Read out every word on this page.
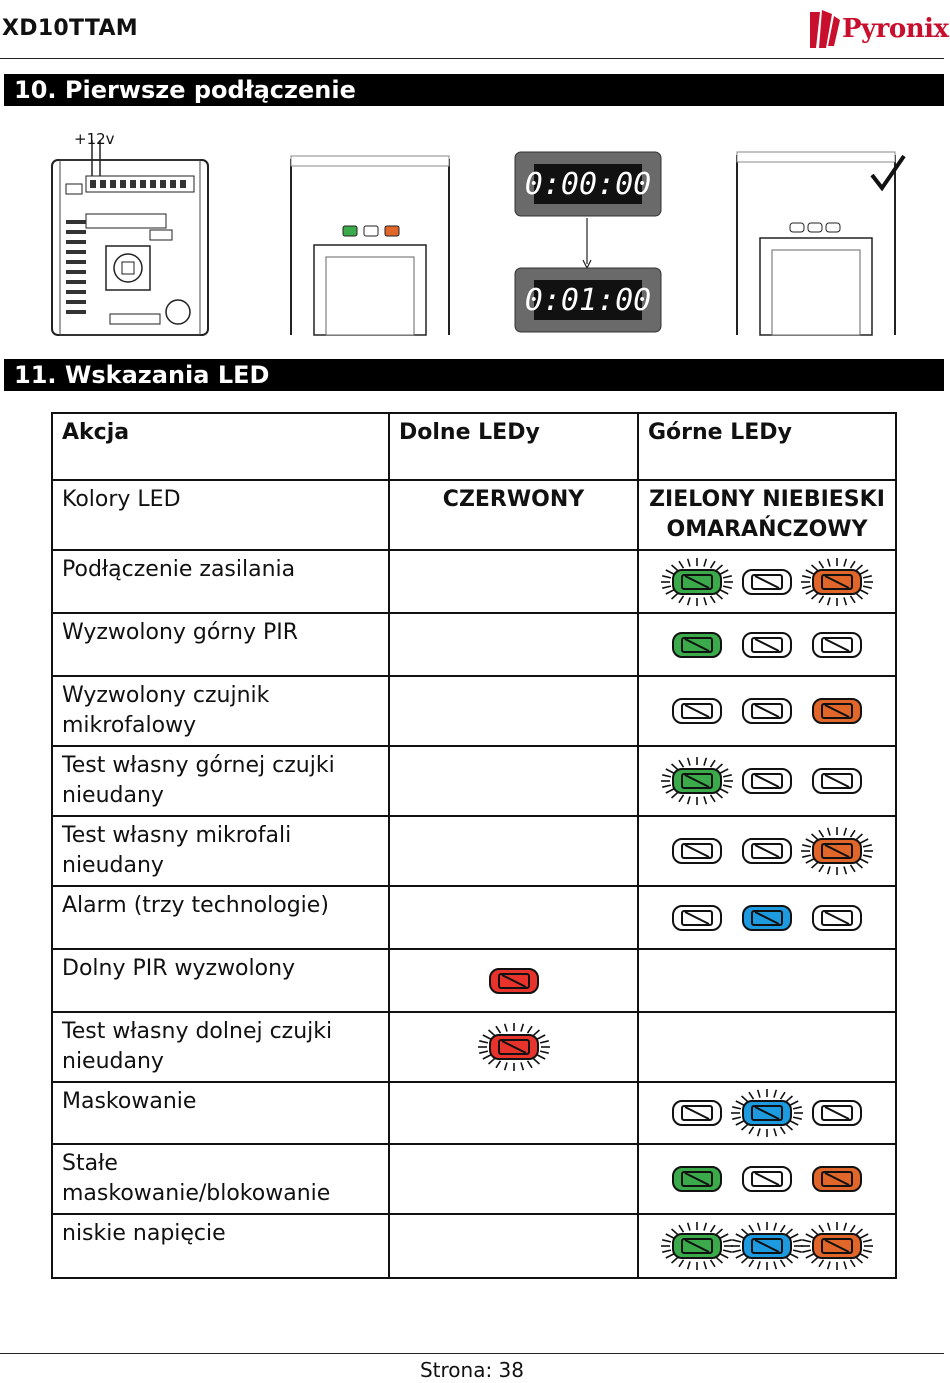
XD10TTAM	Pyronix
10. Pierwsze podłączenie
+12v
0:00:00
0:01:00
11. Wskazania LED
Akcja	Dolne LEDy	Górne LEDy
Kolory LED	CZERWONY	ZIELONY NIEBIESKI OMARAŃCZOWY
Podłączenie zasilania		

Wyzwolony górny PIR		

Wyzwolony czujnik mikrofalowy		

Test własny górnej czujki nieudany		

Test własny mikrofali nieudany		

Alarm (trzy technologie)		

Dolny PIR wyzwolony	

Test własny dolnej czujki nieudany	

Maskowanie		

Stałe maskowanie/blokowanie		

niskie napięcie		
Strona: 38
